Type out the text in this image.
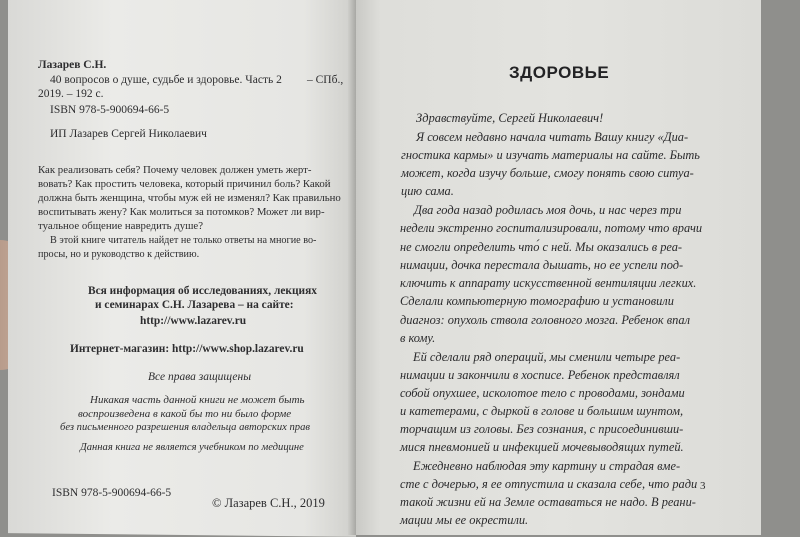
Лазарев С.Н.
40 вопросов о душе, судьбе и здоровье. Часть 2 – СПб.,
2019. – 192 с.
ISBN 978-5-900694-66-5
ИП Лазарев Сергей Николаевич
Как реализовать себя? Почему человек должен уметь жерт-
вовать? Как простить человека, который причинил боль? Какой
должна быть женщина, чтобы муж ей не изменял? Как правильно
воспитывать жену? Как молиться за потомков? Может ли вир-
туальное общение навредить душе?
В этой книге читатель найдет не только ответы на многие во-
просы, но и руководство к действию.
Вся информация об исследованиях, лекциях
и семинарах С.Н. Лазарева – на сайте:
http://www.lazarev.ru
Интернет-магазин: http://www.shop.lazarev.ru
Все права защищены
Никакая часть данной книги не может быть
воспроизведена в какой бы то ни было форме
без письменного разрешения владельца авторских прав
Данная книга не является учебником по медицине
ISBN 978-5-900694-66-5
© Лазарев С.Н., 2019
ЗДОРОВЬЕ
Здравствуйте, Сергей Николаевич!
Я совсем недавно начала читать Вашу книгу «Диа-
гностика кармы» и изучать материалы на сайте. Быть
может, когда изучу больше, смогу понять свою ситуа-
цию сама.
Два года назад родилась моя дочь, и нас через три
недели экстренно госпитализировали, потому что врачи
не смогли определить что́ с ней. Мы оказались в реа-
нимации, дочка перестала дышать, но ее успели под-
ключить к аппарату искусственной вентиляции легких.
Сделали компьютерную томографию и установили
диагноз: опухоль ствола головного мозга. Ребенок впал
в кому.
Ей сделали ряд операций, мы сменили четыре реа-
нимации и закончили в хосписе. Ребенок представлял
собой опухшее, исколотое тело с проводами, зондами
и катетерами, с дыркой в голове и большим шунтом,
торчащим из головы. Без сознания, с присоединивши-
мися пневмонией и инфекцией мочевыводящих путей.
Ежедневно наблюдая эту картину и страдая вме-
сте с дочерью, я ее отпустила и сказала себе, что ради
такой жизни ей на Земле оставаться не надо. В реани-
мации мы ее окрестили.
3
